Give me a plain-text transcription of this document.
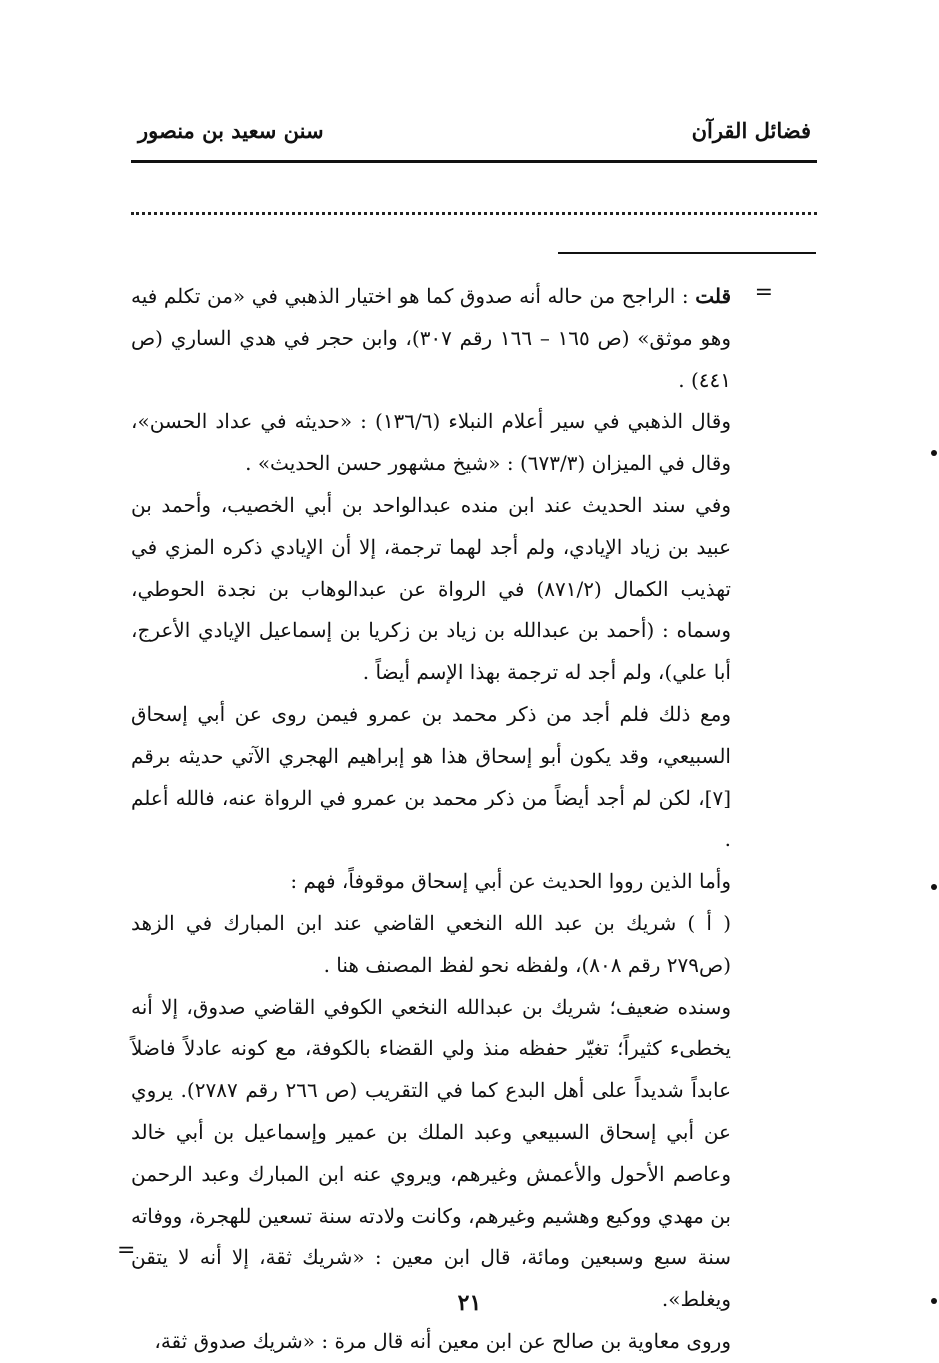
فضائل القرآن
سنن سعيد بن منصور
=

قلت : الراجح من حاله أنه صدوق كما هو اختيار الذهبي في «من تكلم فيه وهو موثق» (ص ١٦٥ – ١٦٦ رقم ٣٠٧)، وابن حجر في هدي الساري (ص ٤٤١) .

وقال الذهبي في سير أعلام النبلاء (١٣٦/٦) : «حديثه في عداد الحسن»، وقال في الميزان (٦٧٣/٣) : «شيخ مشهور حسن الحديث» .

وفي سند الحديث عند ابن منده عبدالواحد بن أبي الخصيب، وأحمد بن عبيد بن زياد الإيادي، ولم أجد لهما ترجمة، إلا أن الإيادي ذكره المزي في تهذيب الكمال (٨٧١/٢) في الرواة عن عبدالوهاب بن نجدة الحوطي، وسماه : (أحمد بن عبدالله بن زياد بن زكريا بن إسماعيل الإيادي الأعرج، أبا علي)، ولم أجد له ترجمة بهذا الإسم أيضاً .

ومع ذلك فلم أجد من ذكر محمد بن عمرو فيمن روى عن أبي إسحاق السبيعي، وقد يكون أبو إسحاق هذا هو إبراهيم الهجري الآتي حديثه برقم [٧]، لكن لم أجد أيضاً من ذكر محمد بن عمرو في الرواة عنه، فالله أعلم .

وأما الذين رووا الحديث عن أبي إسحاق موقوفاً، فهم :

( أ ) شريك بن عبد الله النخعي القاضي عند ابن المبارك في الزهد (ص٢٧٩ رقم ٨٠٨)، ولفظه نحو لفظ المصنف هنا .

وسنده ضعيف؛ شريك بن عبدالله النخعي الكوفي القاضي صدوق، إلا أنه يخطىء كثيراً؛ تغيّر حفظه منذ ولي القضاء بالكوفة، مع كونه عادلاً فاضلاً عابداً شديداً على أهل البدع كما في التقريب (ص ٢٦٦ رقم ٢٧٨٧). يروي عن أبي إسحاق السبيعي وعبد الملك بن عمير وإسماعيل بن أبي خالد وعاصم الأحول والأعمش وغيرهم، ويروي عنه ابن المبارك وعبد الرحمن بن مهدي ووكيع وهشيم وغيرهم، وكانت ولادته سنة تسعين للهجرة، ووفاته سنة سبع وسبعين ومائة، قال ابن معين : «شريك ثقة، إلا أنه لا يتقن ويغلط».

وروى معاوية بن صالح عن ابن معين أنه قال مرة : «شريك صدوق ثقة،

=
٢١
